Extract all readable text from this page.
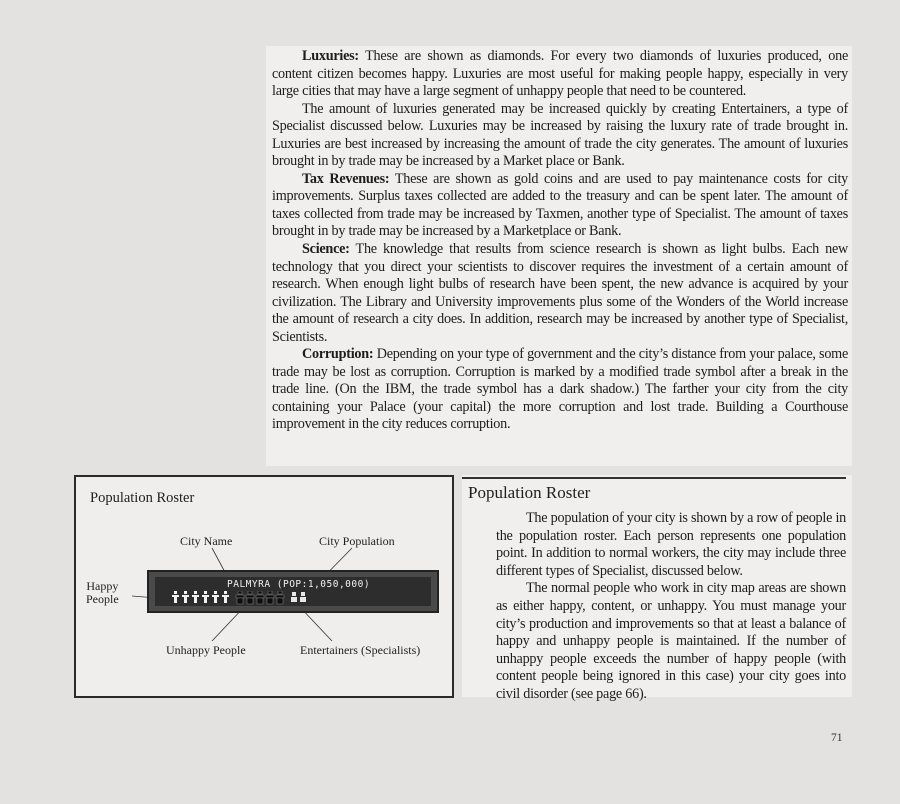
Luxuries: These are shown as diamonds. For every two diamonds of luxuries produced, one content citizen becomes happy. Luxuries are most useful for making people happy, especially in very large cities that may have a large segment of unhappy people that need to be countered.

The amount of luxuries generated may be increased quickly by creating Entertainers, a type of Specialist discussed below. Luxuries may be increased by raising the luxury rate of trade brought in. Luxuries are best increased by increasing the amount of trade the city generates. The amount of luxuries brought in by trade may be increased by a Market place or Bank.

Tax Revenues: These are shown as gold coins and are used to pay maintenance costs for city improvements. Surplus taxes collected are added to the treasury and can be spent later. The amount of taxes collected from trade may be increased by Taxmen, another type of Specialist. The amount of taxes brought in by trade may be increased by a Marketplace or Bank.

Science: The knowledge that results from science research is shown as light bulbs. Each new technology that you direct your scientists to discover requires the investment of a certain amount of research. When enough light bulbs of research have been spent, the new advance is acquired by your civilization. The Library and University improvements plus some of the Wonders of the World increase the amount of research a city does. In addition, research may be increased by another type of Specialist, Scientists.

Corruption: Depending on your type of government and the city’s distance from your palace, some trade may be lost as corruption. Corruption is marked by a modified trade symbol after a break in the trade line. (On the IBM, the trade symbol has a dark shadow.) The farther your city from the city containing your Palace (your capital) the more corruption and lost trade. Building a Courthouse improvement in the city reduces corruption.

Population Roster
City Name	City Population
Happy
People
Unhappy People	Entertainers (Specialists)
PALMYRA (POP:1,050,000)
Population Roster

The population of your city is shown by a row of people in the population roster. Each person represents one population point. In addition to normal workers, the city may include three different types of Specialist, discussed below.

The normal people who work in city map areas are shown as either happy, content, or unhappy. You must manage your city’s production and improvements so that at least a balance of happy and unhappy people is maintained. If the number of unhappy people exceeds the number of happy people (with content people being ignored in this case) your city goes into civil disorder (see page 66).

71
